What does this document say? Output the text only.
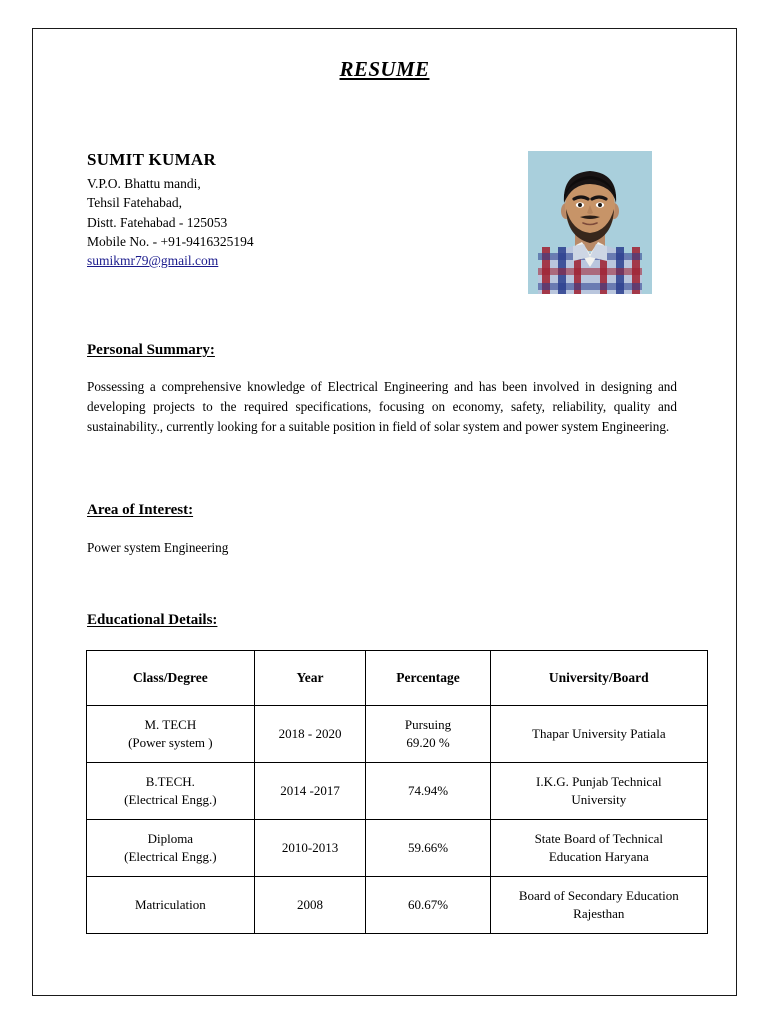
RESUME
SUMIT KUMAR
V.P.O. Bhattu mandi,
Tehsil Fatehabad,
Distt. Fatehabad - 125053
Mobile No. - +91-9416325194
sumikmr79@gmail.com
Personal Summary:
Possessing a comprehensive knowledge of Electrical Engineering and has been involved in designing and developing projects to the required specifications, focusing on economy, safety, reliability, quality and sustainability., currently looking for a suitable position in field of solar system and power system Engineering.
Area of Interest:
Power system Engineering
Educational Details:
Class/Degree	Year	Percentage	University/Board

M. TECH
(Power system )	2018 - 2020	Pursuing
69.20 %	Thapar University Patiala

B.TECH.
(Electrical Engg.)	2014 -2017	74.94%	I.K.G. Punjab Technical
University

Diploma
(Electrical Engg.)	2010-2013	59.66%	State Board of Technical
Education Haryana

Matriculation	2008	60.67%	Board of Secondary Education
Rajesthan
